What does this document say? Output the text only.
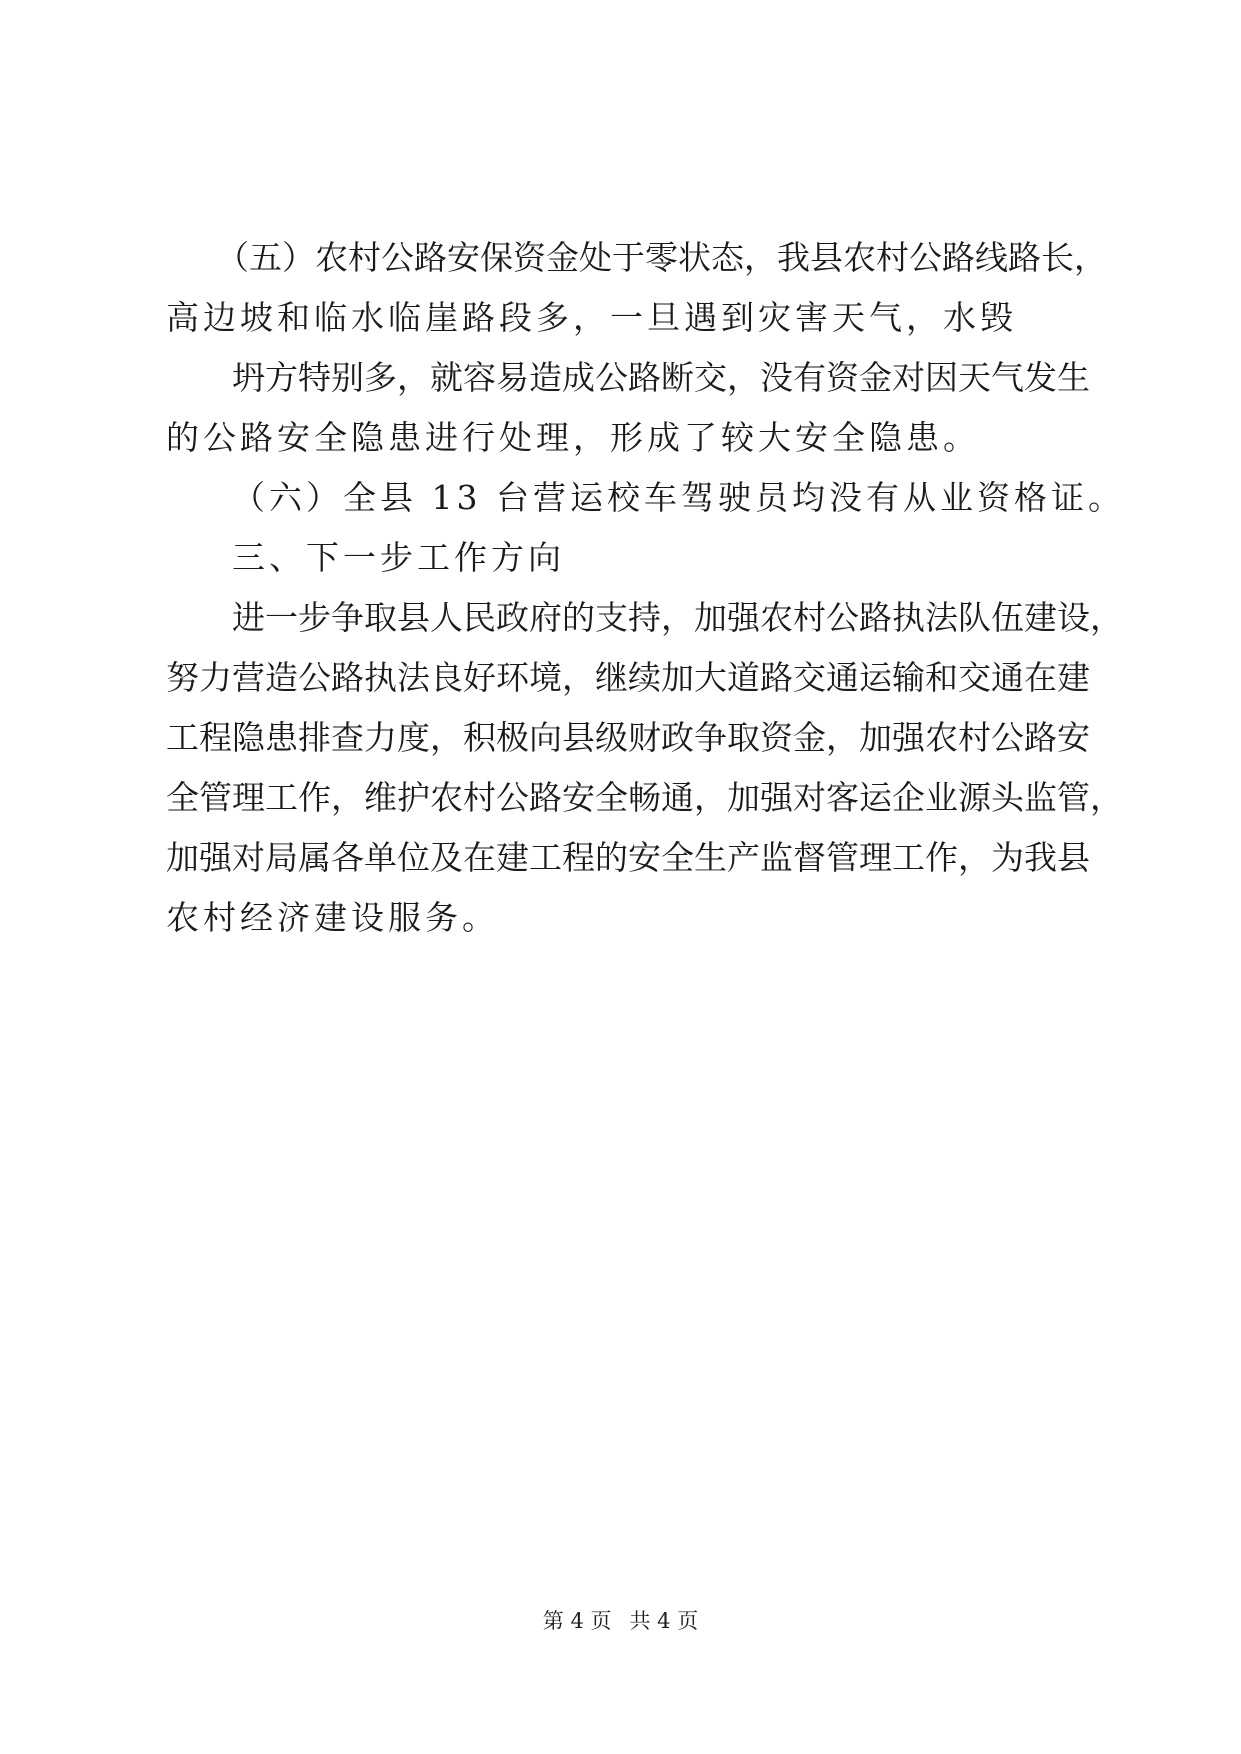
（五）农村公路安保资金处于零状态，我县农村公路线路长，
高边坡和临水临崖路段多，一旦遇到灾害天气，水毁
坍方特别多，就容易造成公路断交，没有资金对因天气发生
的公路安全隐患进行处理，形成了较大安全隐患。
（六）全县 13 台营运校车驾驶员均没有从业资格证。
三、下一步工作方向
进一步争取县人民政府的支持，加强农村公路执法队伍建设，
努力营造公路执法良好环境，继续加大道路交通运输和交通在建
工程隐患排查力度，积极向县级财政争取资金，加强农村公路安
全管理工作，维护农村公路安全畅通，加强对客运企业源头监管，
加强对局属各单位及在建工程的安全生产监督管理工作，为我县
农村经济建设服务。
第 4 页 共 4 页
